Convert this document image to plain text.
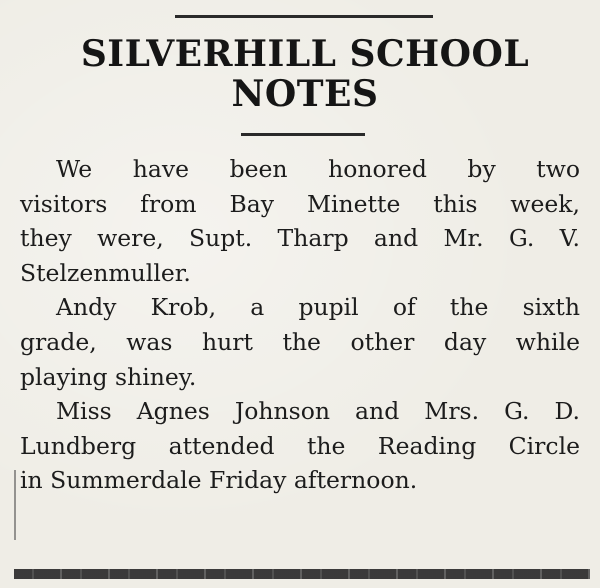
SILVERHILL SCHOOL
NOTES

We have been honored by two
visitors from Bay Minette this week,
they were, Supt. Tharp and Mr. G. V.
Stelzenmuller.

Andy Krob, a pupil of the sixth
grade, was hurt the other day while
playing shiney.

Miss Agnes Johnson and Mrs. G. D.
Lundberg attended the Reading Circle
in Summerdale Friday afternoon.
